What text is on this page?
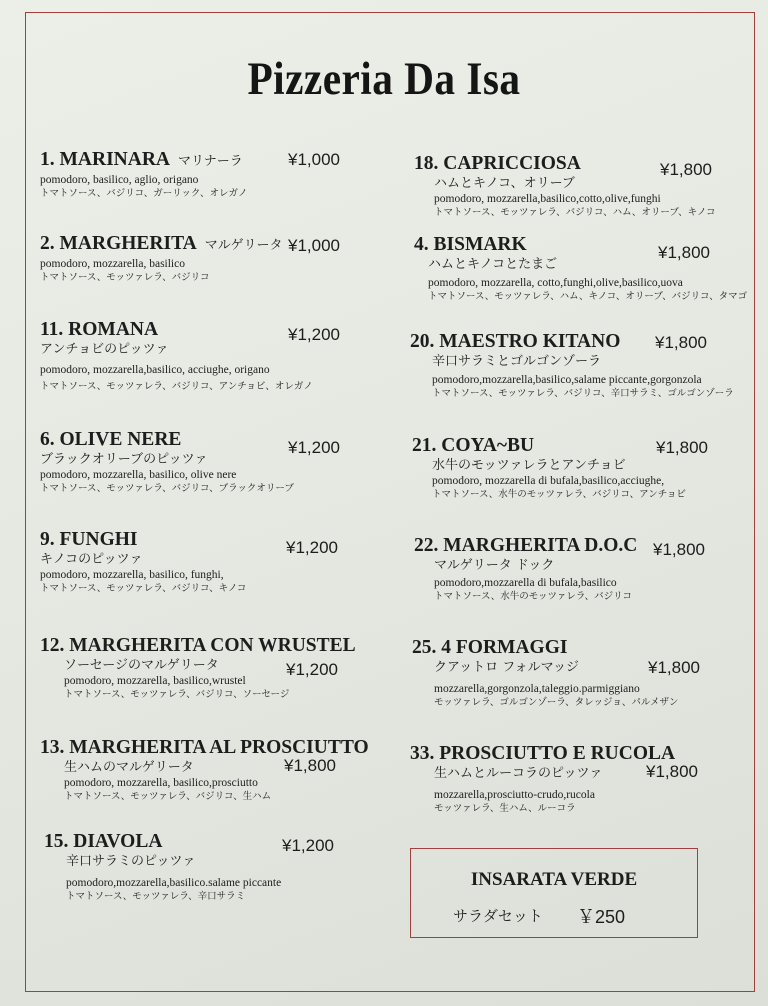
Pizzeria Da Isa
1. MARINARA マリナーラ
pomodoro, basilico, aglio, origano
トマトソース、バジリコ、ガーリック、オレガノ
¥1,000
2. MARGHERITA マルゲリータ
pomodoro, mozzarella, basilico
トマトソース、モッツァレラ、バジリコ
¥1,000
11. ROMANA
アンチョビのピッツァ
pomodoro, mozzarella,basilico, acciughe, origano
トマトソース、モッツァレラ、バジリコ、アンチョビ、オレガノ
¥1,200
6. OLIVE NERE
ブラックオリーブのピッツァ
pomodoro, mozzarella, basilico, olive nere
トマトソース、モッツァレラ、バジリコ、ブラックオリーブ
¥1,200
9. FUNGHI
キノコのピッツァ
pomodoro, mozzarella, basilico, funghi,
トマトソース、モッツァレラ、バジリコ、キノコ
¥1,200
12. MARGHERITA CON WRUSTEL
ソーセージのマルゲリータ
pomodoro, mozzarella, basilico,wrustel
トマトソース、モッツァレラ、バジリコ、ソーセージ
¥1,200
13. MARGHERITA AL PROSCIUTTO
生ハムのマルゲリータ
pomodoro, mozzarella, basilico,prosciutto
トマトソース、モッツァレラ、バジリコ、生ハム
¥1,800
15. DIAVOLA
辛口サラミのピッツァ
pomodoro,mozzarella,basilico.salame piccante
トマトソース、モッツァレラ、辛口サラミ
¥1,200
18. CAPRICCIOSA
ハムとキノコ、オリーブ
pomodoro, mozzarella,basilico,cotto,olive,funghi
トマトソース、モッツァレラ、バジリコ、ハム、オリーブ、キノコ
¥1,800
4. BISMARK
ハムとキノコとたまご
pomodoro, mozzarella, cotto,funghi,olive,basilico,uova
トマトソース、モッツァレラ、ハム、キノコ、オリーブ、バジリコ、タマゴ
¥1,800
20. MAESTRO KITANO
辛口サラミとゴルゴンゾーラ
pomodoro,mozzarella,basilico,salame piccante,gorgonzola
トマトソース、モッツァレラ、バジリコ、辛口サラミ、ゴルゴンゾーラ
¥1,800
21. COYA~BU
水牛のモッツァレラとアンチョビ
pomodoro, mozzarella di bufala,basilico,acciughe,
トマトソース、水牛のモッツァレラ、バジリコ、アンチョビ
¥1,800
22. MARGHERITA D.O.C
マルゲリータ ドック
pomodoro,mozzarella di bufala,basilico
トマトソース、水牛のモッツァレラ、バジリコ
¥1,800
25. 4 FORMAGGI
クアットロ フォルマッジ
mozzarella,gorgonzola,taleggio.parmiggiano
モッツァレラ、ゴルゴンゾーラ、タレッジョ、パルメザン
¥1,800
33. PROSCIUTTO E RUCOLA
生ハムとルーコラのピッツァ
mozzarella,prosciutto-crudo,rucola
モッツァレラ、生ハム、ルーコラ
¥1,800
INSARATA VERDE
サラダセット ￥250
